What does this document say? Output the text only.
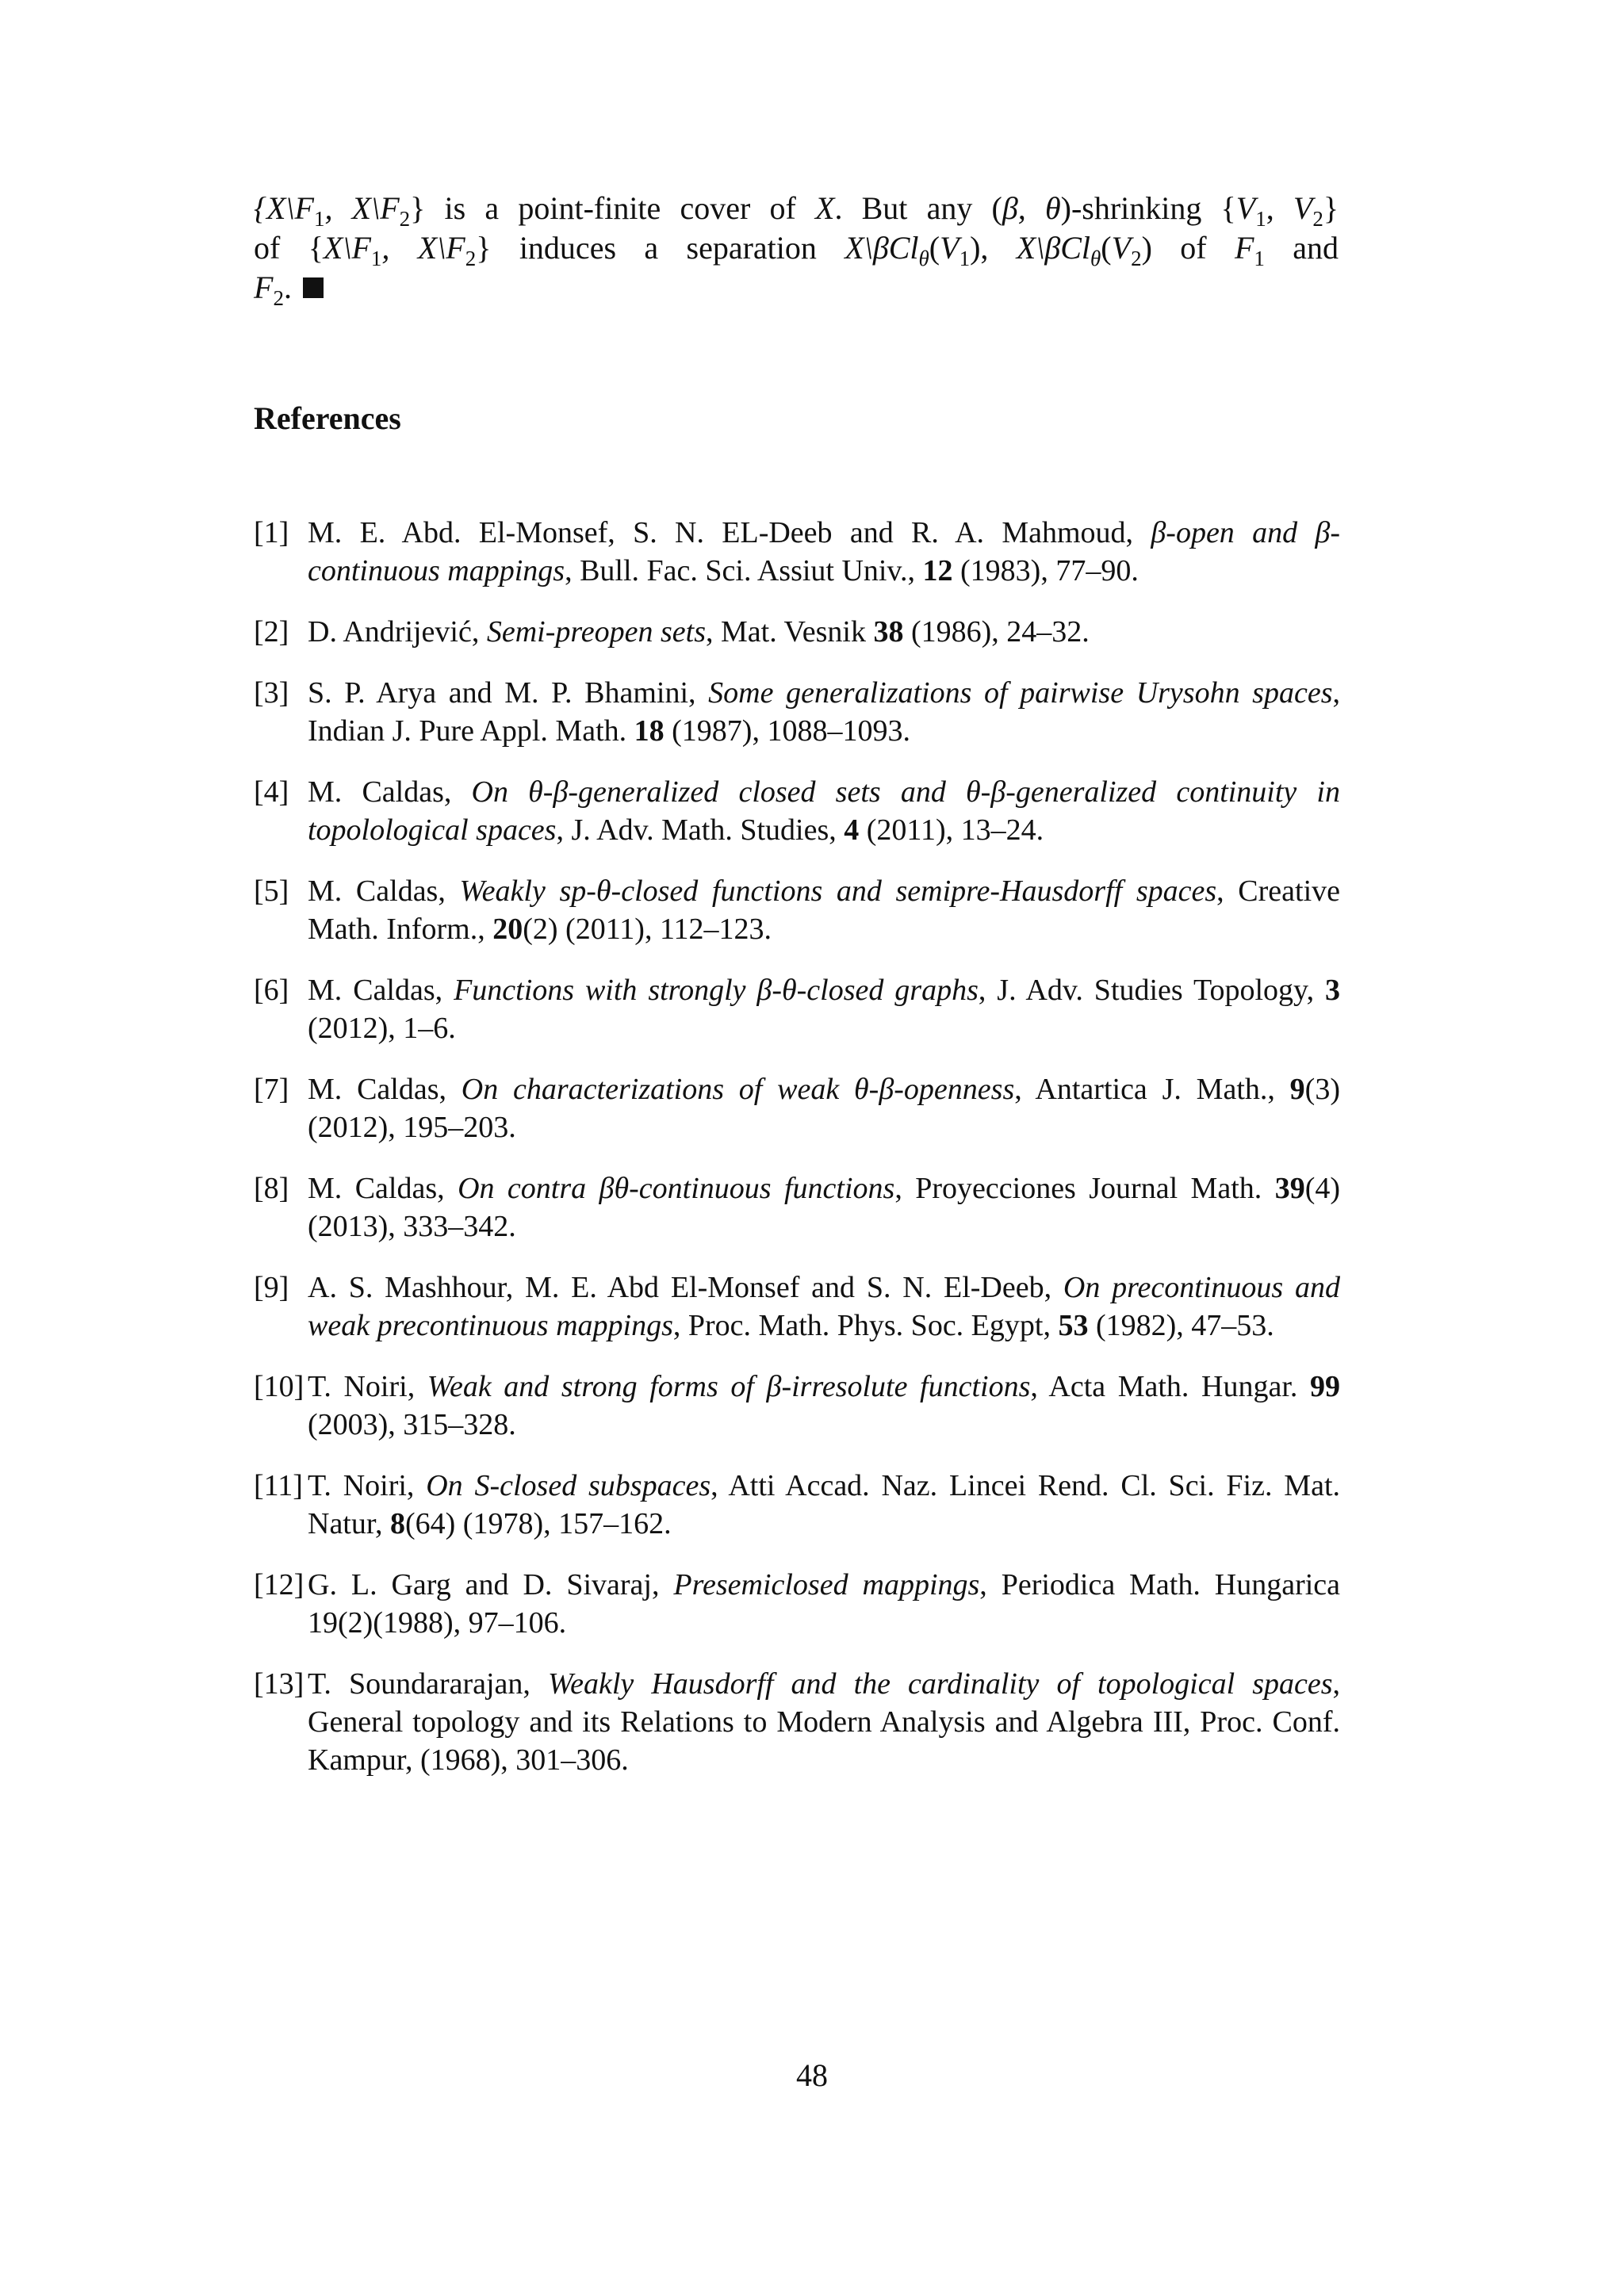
{$X\backslash F_1$, $X\backslash F_2$} is a point-finite cover of X. But any (β, θ)-shrinking {$V_1$, $V_2$}
of {$X\backslash F_1$, $X\backslash F_2$} induces a separation $X\backslash\beta Cl_\theta(V_1)$, $X\backslash\beta Cl_\theta(V_2)$ of $F_1$ and
$F_2$.
References
[1] M. E. Abd. El-Monsef, S. N. EL-Deeb and R. A. Mahmoud, β-open and β-continuous mappings, Bull. Fac. Sci. Assiut Univ., 12 (1983), 77–90.
[2] D. Andrijević, Semi-preopen sets, Mat. Vesnik 38 (1986), 24–32.
[3] S. P. Arya and M. P. Bhamini, Some generalizations of pairwise Urysohn spaces, Indian J. Pure Appl. Math. 18 (1987), 1088–1093.
[4] M. Caldas, On θ-β-generalized closed sets and θ-β-generalized continuity in topolological spaces, J. Adv. Math. Studies, 4 (2011), 13–24.
[5] M. Caldas, Weakly sp-θ-closed functions and semipre-Hausdorff spaces, Creative Math. Inform., 20(2) (2011), 112–123.
[6] M. Caldas, Functions with strongly β-θ-closed graphs, J. Adv. Studies Topology, 3 (2012), 1–6.
[7] M. Caldas, On characterizations of weak θ-β-openness, Antartica J. Math., 9(3) (2012), 195–203.
[8] M. Caldas, On contra βθ-continuous functions, Proyecciones Journal Math. 39(4) (2013), 333–342.
[9] A. S. Mashhour, M. E. Abd El-Monsef and S. N. El-Deeb, On precontinuous and weak precontinuous mappings, Proc. Math. Phys. Soc. Egypt, 53 (1982), 47–53.
[10] T. Noiri, Weak and strong forms of β-irresolute functions, Acta Math. Hungar. 99 (2003), 315–328.
[11] T. Noiri, On S-closed subspaces, Atti Accad. Naz. Lincei Rend. Cl. Sci. Fiz. Mat. Natur, 8(64) (1978), 157–162.
[12] G. L. Garg and D. Sivaraj, Presemiclosed mappings, Periodica Math. Hungarica 19(2)(1988), 97–106.
[13] T. Soundararajan, Weakly Hausdorff and the cardinality of topological spaces, General topology and its Relations to Modern Analysis and Algebra III, Proc. Conf. Kampur, (1968), 301–306.
48
